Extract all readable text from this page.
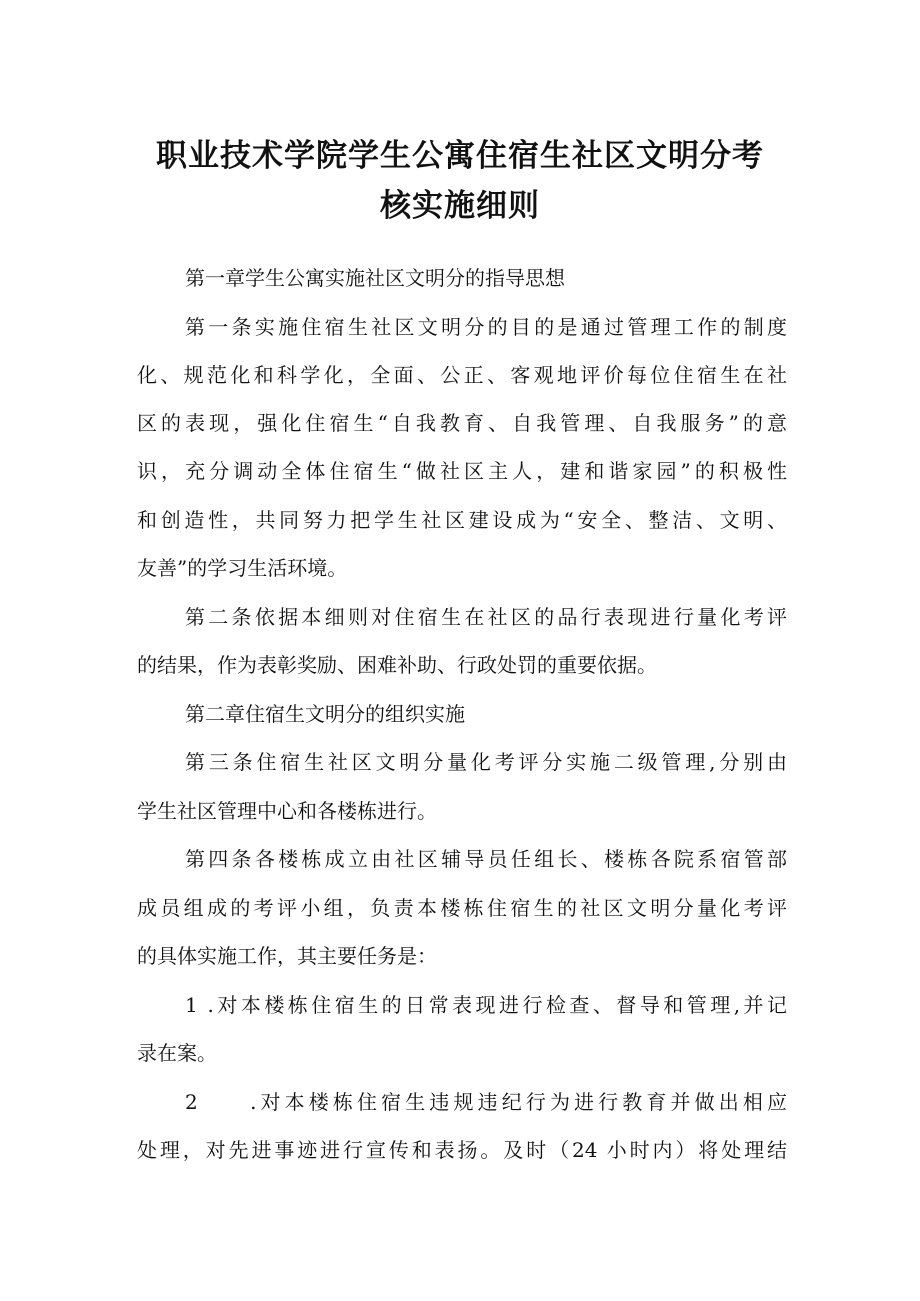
职业技术学院学生公寓住宿生社区文明分考
核实施细则
第一章学生公寓实施社区文明分的指导思想
第一条实施住宿生社区文明分的目的是通过管理工作的制度
化、规范化和科学化，全面、公正、客观地评价每位住宿生在社
区的表现，强化住宿生“自我教育、自我管理、自我服务”的意
识，充分调动全体住宿生“做社区主人，建和谐家园”的积极性
和创造性，共同努力把学生社区建设成为“安全、整洁、文明、
友善”的学习生活环境。
第二条依据本细则对住宿生在社区的品行表现进行量化考评
的结果，作为表彰奖励、困难补助、行政处罚的重要依据。
第二章住宿生文明分的组织实施
第三条住宿生社区文明分量化考评分实施二级管理,分别由
学生社区管理中心和各楼栋进行。
第四条各楼栋成立由社区辅导员任组长、楼栋各院系宿管部
成员组成的考评小组，负责本楼栋住宿生的社区文明分量化考评
的具体实施工作，其主要任务是：
1 .对本楼栋住宿生的日常表现进行检查、督导和管理,并记
录在案。
2　　.对本楼栋住宿生违规违纪行为进行教育并做出相应
处理，对先进事迹进行宣传和表扬。及时（24 小时内）将处理结
